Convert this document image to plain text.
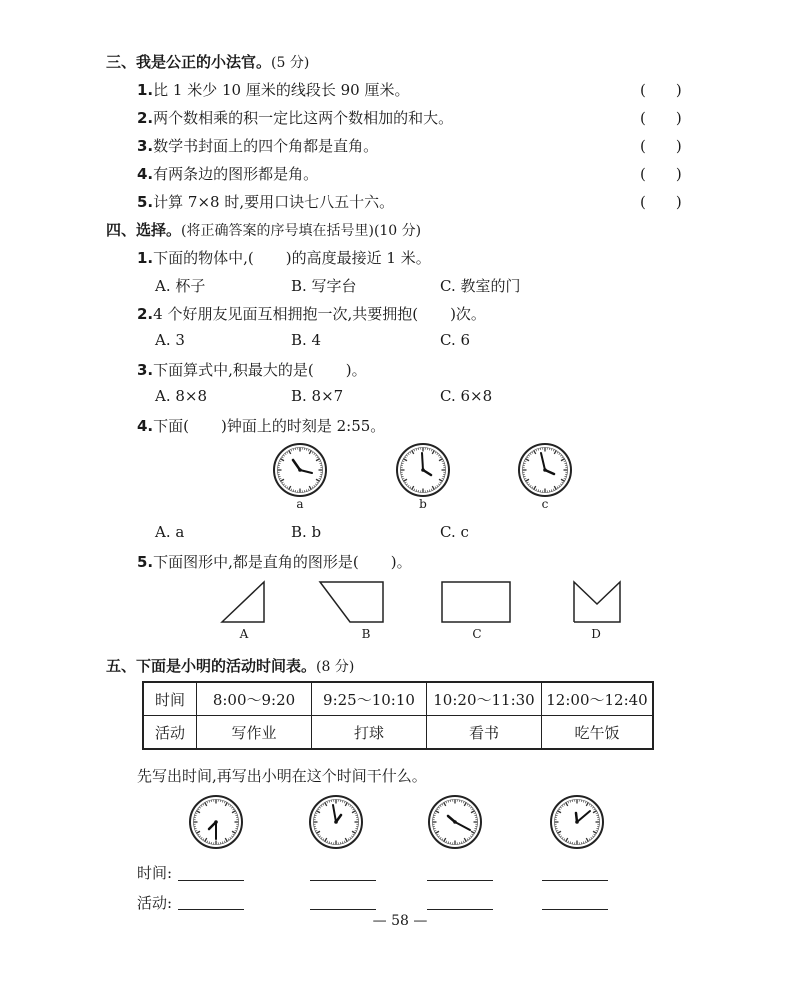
三、我是公正的小法官。(5 分)
1.比 1 米少 10 厘米的线段长 90 厘米。	(　　)
2.两个数相乘的积一定比这两个数相加的和大。	(　　)
3.数学书封面上的四个角都是直角。	(　　)
4.有两条边的图形都是角。	(　　)
5.计算 7×8 时,要用口诀七八五十六。	(　　)
四、选择。(将正确答案的序号填在括号里)(10 分)
1.下面的物体中,( )的高度最接近 1 米。
A. 杯子	B. 写字台	C. 教室的门
2.4 个好朋友见面互相拥抱一次,共要拥抱( )次。
A. 3	B. 4	C. 6
3.下面算式中,积最大的是( )。
A. 8×8	B. 8×7	C. 6×8
4.下面( )钟面上的时刻是 2:55。
a	b	c
A. a	B. b	C. c
5.下面图形中,都是直角的图形是( )。
A	B	C	D
五、下面是小明的活动时间表。(8 分)
时间	8:00～9:20	9:25～10:10	10:20～11:30	12:00～12:40
活动	写作业	打球	看书	吃午饭
先写出时间,再写出小明在这个时间干什么。
时间:
活动:
— 58 —
